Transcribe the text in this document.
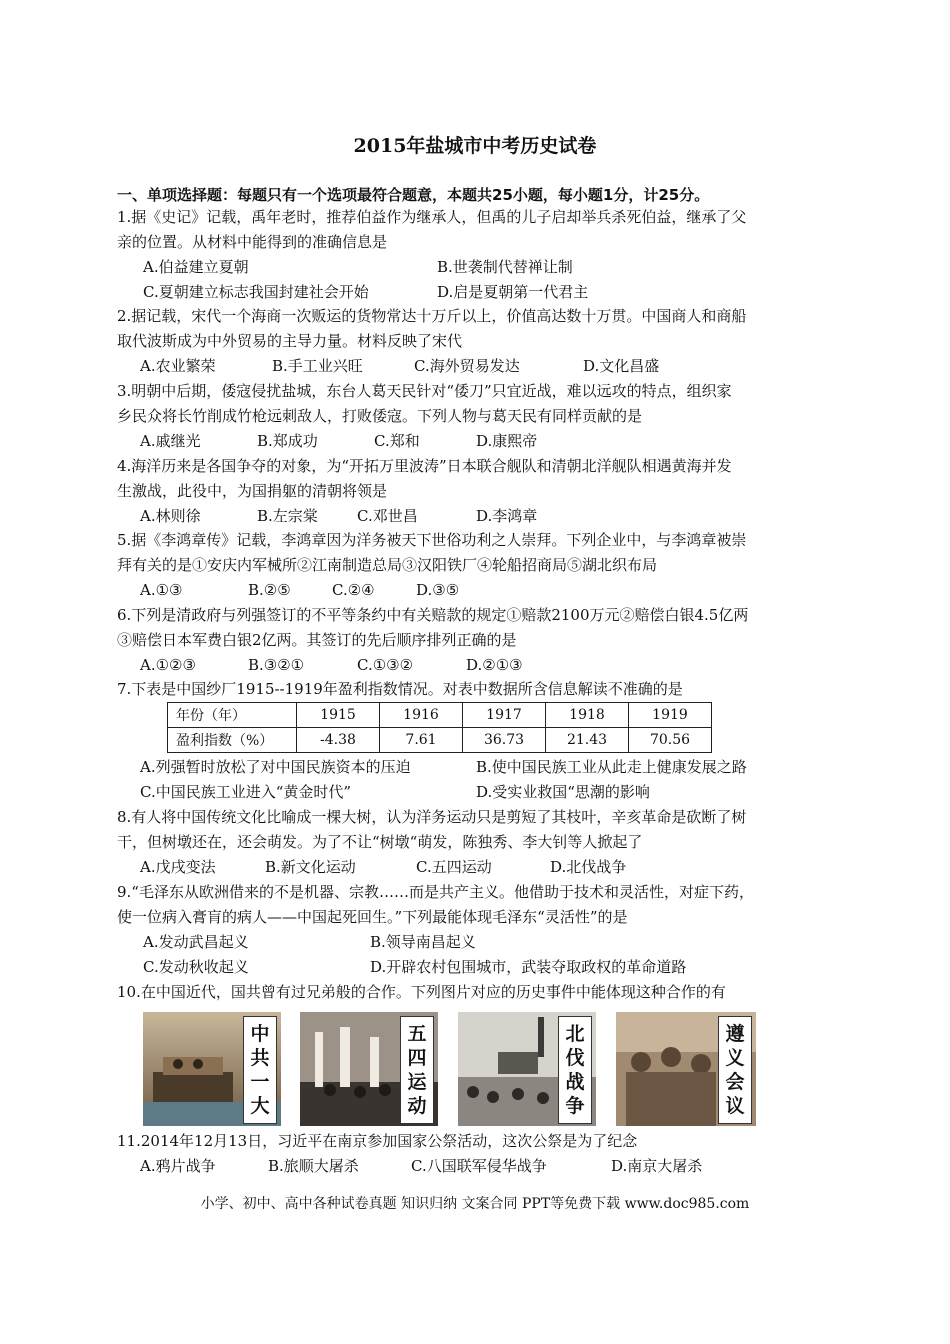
2015年盐城市中考历史试卷
一、单项选择题：每题只有一个选项最符合题意，本题共25小题，每小题1分，计25分。
1.据《史记》记载，禹年老时，推荐伯益作为继承人，但禹的儿子启却举兵杀死伯益，继承了父
亲的位置。从材料中能得到的准确信息是
A.伯益建立夏朝	B.世袭制代替禅让制
C.夏朝建立标志我国封建社会开始	D.启是夏朝第一代君主
2.据记载，宋代一个海商一次贩运的货物常达十万斤以上，价值高达数十万贯。中国商人和商船
取代波斯成为中外贸易的主导力量。材料反映了宋代
A.农业繁荣	B.手工业兴旺	C.海外贸易发达	D.文化昌盛
3.明朝中后期，倭寇侵扰盐城，东台人葛天民针对“倭刀”只宜近战，难以远攻的特点，组织家
乡民众将长竹削成竹枪远刺敌人，打败倭寇。下列人物与葛天民有同样贡献的是
A.戚继光	B.郑成功	C.郑和	D.康熙帝
4.海洋历来是各国争夺的对象，为“开拓万里波涛”日本联合舰队和清朝北洋舰队相遇黄海并发
生激战，此役中，为国捐躯的清朝将领是
A.林则徐	B.左宗棠	C.邓世昌	D.李鸿章
5.据《李鸿章传》记载，李鸿章因为洋务被天下世俗功利之人崇拜。下列企业中，与李鸿章被崇
拜有关的是①安庆内军械所②江南制造总局③汉阳铁厂④轮船招商局⑤湖北织布局
A.①③	B.②⑤	C.②④	D.③⑤
6.下列是清政府与列强签订的不平等条约中有关赔款的规定①赔款2100万元②赔偿白银4.5亿两
③赔偿日本军费白银2亿两。其签订的先后顺序排列正确的是
A.①②③	B.③②①	C.①③②	D.②①③
7.下表是中国纱厂1915--1919年盈利指数情况。对表中数据所含信息解读不准确的是
年份（年）	1915	1916	1917	1918	1919
盈利指数（%）	-4.38	7.61	36.73	21.43	70.56
A.列强暂时放松了对中国民族资本的压迫	B.使中国民族工业从此走上健康发展之路
C.中国民族工业进入“黄金时代”	D.受实业救国“思潮的影响
8.有人将中国传统文化比喻成一棵大树，认为洋务运动只是剪短了其枝叶，辛亥革命是砍断了树
干，但树墩还在，还会萌发。为了不让“树墩“萌发，陈独秀、李大钊等人掀起了
A.戊戌变法	B.新文化运动	C.五四运动	D.北伐战争
9.“毛泽东从欧洲借来的不是机器、宗教……而是共产主义。他借助于技术和灵活性，对症下药，
使一位病入膏肓的病人——中国起死回生。”下列最能体现毛泽东“灵活性”的是
A.发动武昌起义	B.领导南昌起义
C.发动秋收起义	D.开辟农村包围城市，武装夺取政权的革命道路
10.在中国近代，国共曾有过兄弟般的合作。下列图片对应的历史事件中能体现这种合作的有
中
共
一
大
五
四
运
动
北
伐
战
争
遵
义
会
议
11.2014年12月13日，习近平在南京参加国家公祭活动，这次公祭是为了纪念
A.鸦片战争	B.旅顺大屠杀	C.八国联军侵华战争	D.南京大屠杀
小学、初中、高中各种试卷真题 知识归纳 文案合同 PPT等免费下载 www.doc985.com
